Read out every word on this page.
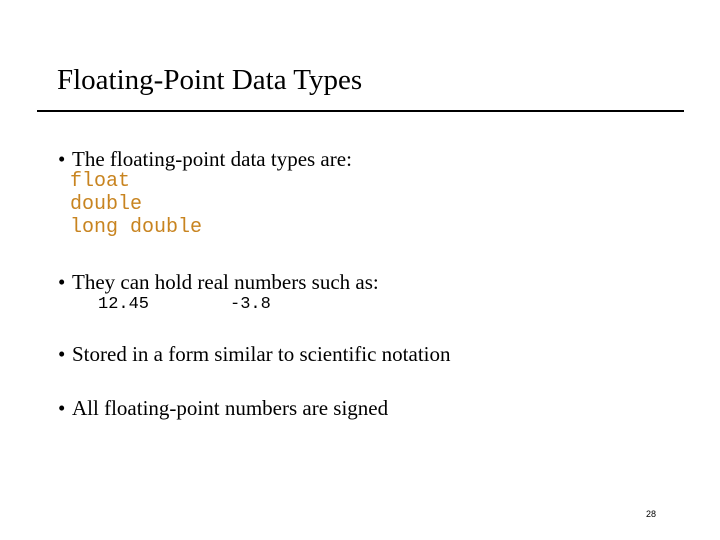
Floating-Point Data Types
• The floating-point data types are:
float
double
long double
• They can hold real numbers such as:
12.45	-3.8
• Stored in a form similar to scientific notation
• All floating-point numbers are signed
28
